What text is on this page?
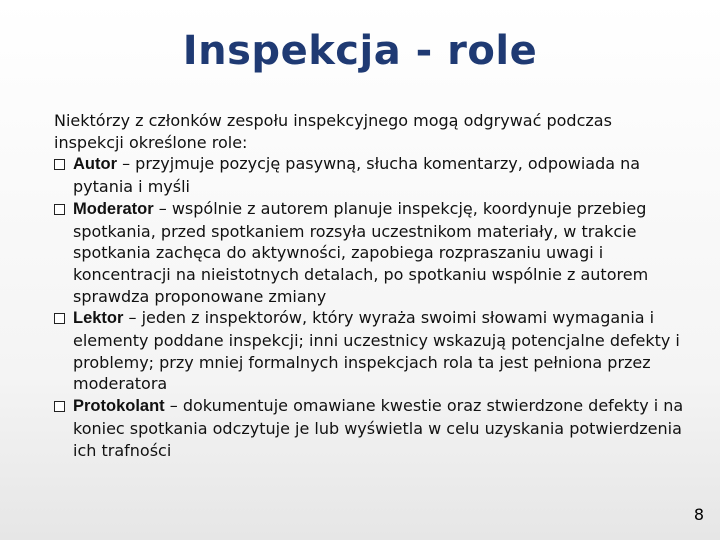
Inspekcja - role

Niektórzy z członków zespołu inspekcyjnego mogą odgrywać podczas inspekcji określone role:

Autor – przyjmuje pozycję pasywną, słucha komentarzy, odpowiada na pytania i myśli
Moderator – wspólnie z autorem planuje inspekcję, koordynuje przebieg spotkania, przed spotkaniem rozsyła uczestnikom materiały, w trakcie spotkania zachęca do aktywności, zapobiega rozpraszaniu uwagi i koncentracji na nieistotnych detalach, po spotkaniu wspólnie z autorem sprawdza proponowane zmiany
Lektor – jeden z inspektorów, który wyraża swoimi słowami wymagania i elementy poddane inspekcji; inni uczestnicy wskazują potencjalne defekty i problemy; przy mniej formalnych inspekcjach rola ta jest pełniona przez moderatora
Protokolant – dokumentuje omawiane kwestie oraz stwierdzone defekty i na koniec spotkania odczytuje je lub wyświetla w celu uzyskania potwierdzenia ich trafności
8
